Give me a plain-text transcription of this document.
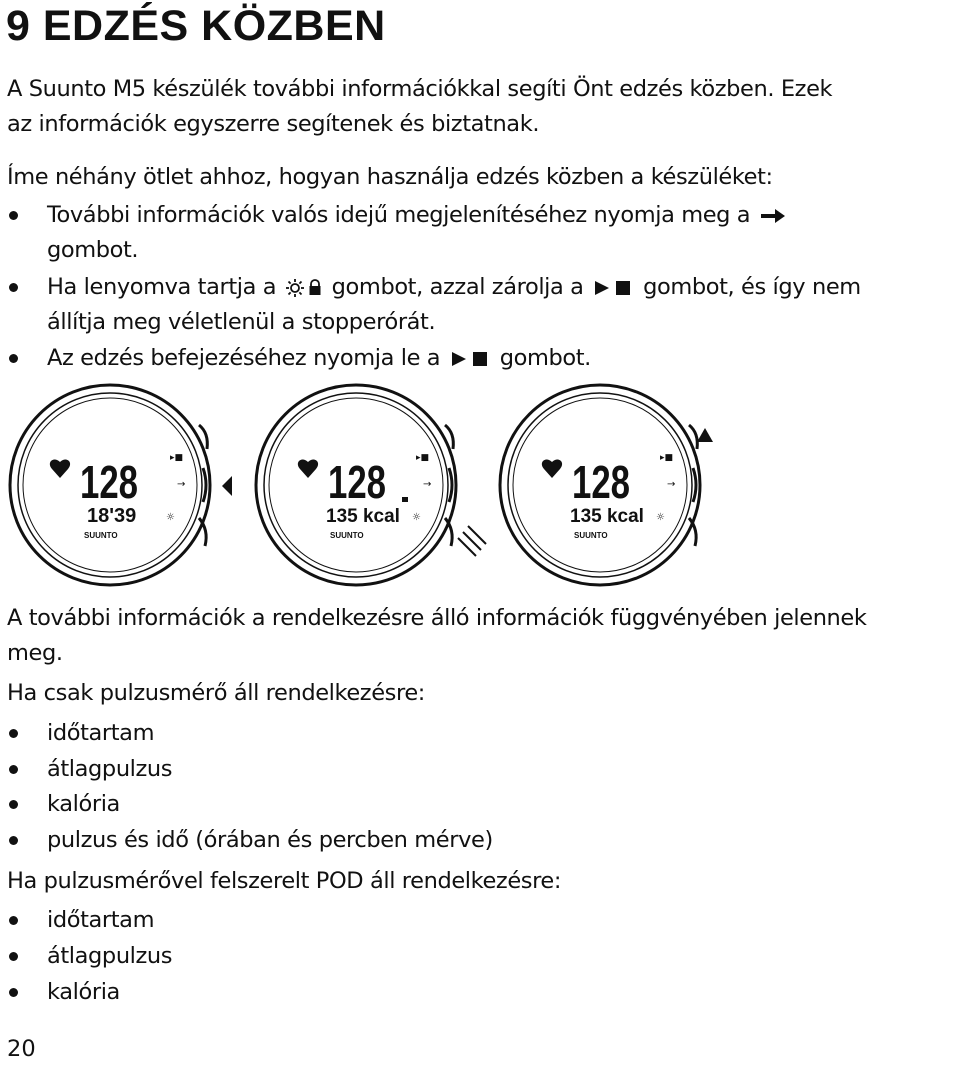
9 EDZÉS KÖZBEN

A Suunto M5 készülék további információkkal segíti Önt edzés közben. Ezek

az információk egyszerre segítenek és biztatnak.

Íme néhány ötlet ahhoz, hogyan használja edzés közben a készüléket:

További információk valós idejű megjelenítéséhez nyomja meg a
gombot.
Ha lenyomva tartja a gombot, azzal zárolja a	gombot, és így nem
állítja meg véletlenül a stopperórát.
Az edzés befejezéséhez nyomja le a	gombot.
128
18'39
SUUNTO
▸■
→
☼
128
135 kcal
SUUNTO
▸■
→
☼
128
135 kcal
SUUNTO
▸■
→
☼

A további információk a rendelkezésre álló információk függvényében jelennek

meg.

Ha csak pulzusmérő áll rendelkezésre:

időtartam
átlagpulzus
kalória
pulzus és idő (órában és percben mérve)

Ha pulzusmérővel felszerelt POD áll rendelkezésre:

időtartam
átlagpulzus
kalória
20
